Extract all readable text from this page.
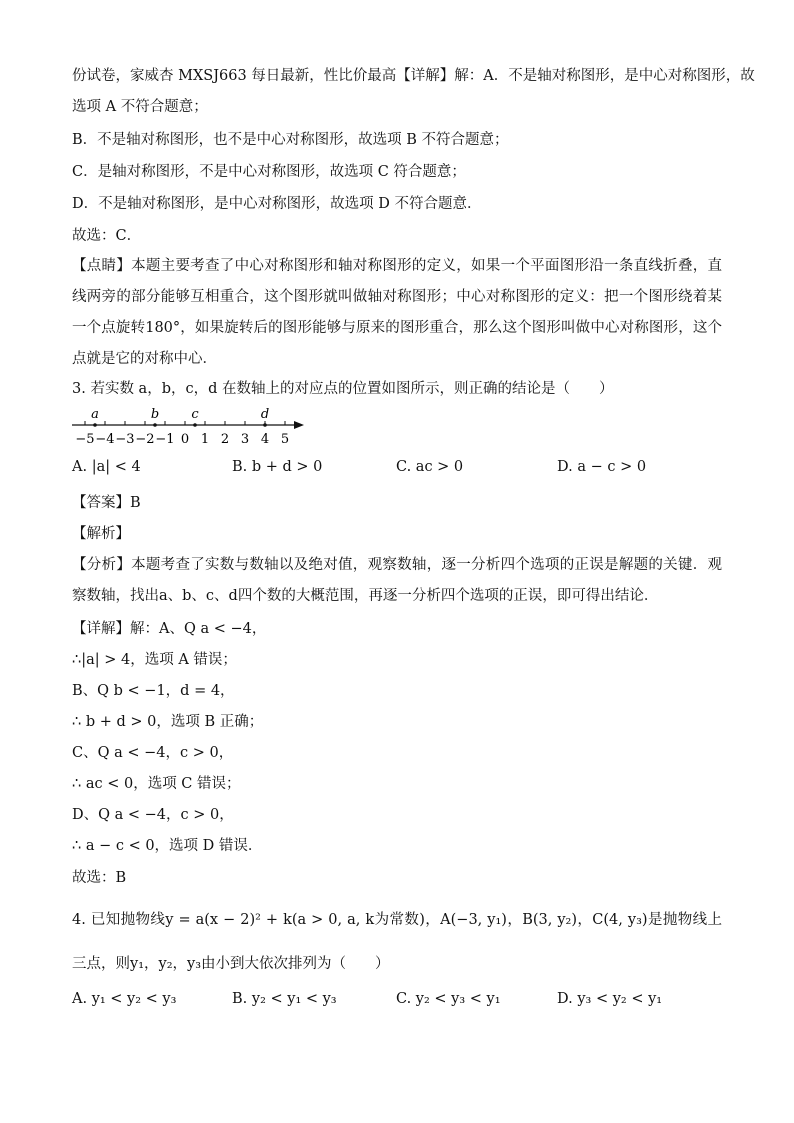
份试卷，家威杏 MXSJ663 每日最新，性比价最高【详解】解：A．不是轴对称图形，是中心对称图形，故
选项 A 不符合题意；
B．不是轴对称图形，也不是中心对称图形，故选项 B 不符合题意；
C．是轴对称图形，不是中心对称图形，故选项 C 符合题意；
D．不是轴对称图形，是中心对称图形，故选项 D 不符合题意．
故选：C．
【点睛】本题主要考查了中心对称图形和轴对称图形的定义，如果一个平面图形沿一条直线折叠，直线两旁的部分能够互相重合，这个图形就叫做轴对称图形；中心对称图形的定义：把一个图形绕着某一个点旋转180°，如果旋转后的图形能够与原来的图形重合，那么这个图形叫做中心对称图形，这个点就是它的对称中心．
3. 若实数 a，b，c，d 在数轴上的对应点的位置如图所示，则正确的结论是（　　）
−5 −4 −3 −2 −1 0 1 2 3 4 5
a	b c	d
A. |a| < 4	B. b + d > 0	C. ac > 0	D. a − c > 0
【答案】B
【解析】
【分析】本题考查了实数与数轴以及绝对值，观察数轴，逐一分析四个选项的正误是解题的关键．观察数轴，找出a、b、c、d四个数的大概范围，再逐一分析四个选项的正误，即可得出结论．
【详解】解：A、Q a < −4，
∴|a| > 4，选项 A 错误；
B、Q b < −1，d = 4，
∴ b + d > 0，选项 B 正确；
C、Q a < −4，c > 0，
∴ ac < 0，选项 C 错误；
D、Q a < −4，c > 0，
∴ a − c < 0，选项 D 错误．
故选：B
4. 已知抛物线y = a(x − 2)² + k(a > 0, a, k为常数)，A(−3, y₁)，B(3, y₂)，C(4, y₃)是抛物线上三点，则y₁，y₂，y₃由小到大依次排列为（　　）
A. y₁ < y₂ < y₃	B. y₂ < y₁ < y₃	C. y₂ < y₃ < y₁	D. y₃ < y₂ < y₁
